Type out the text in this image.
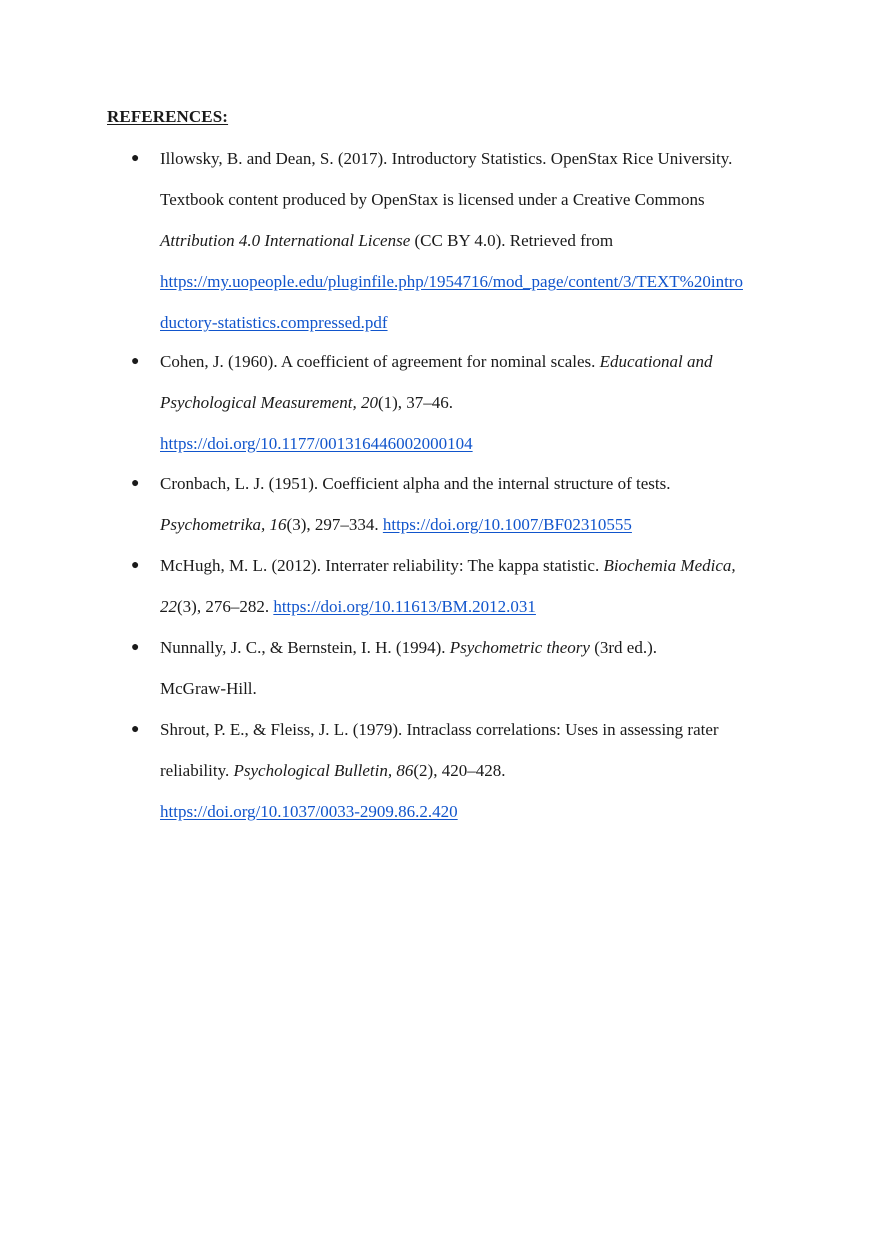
REFERENCES:
● Illowsky, B. and Dean, S. (2017). Introductory Statistics. OpenStax Rice University.
Textbook content produced by OpenStax is licensed under a Creative Commons
Attribution 4.0 International License (CC BY 4.0). Retrieved from
https://my.uopeople.edu/pluginfile.php/1954716/mod_page/content/3/TEXT%20intro
ductory-statistics.compressed.pdf
● Cohen, J. (1960). A coefficient of agreement for nominal scales. Educational and
Psychological Measurement, 20(1), 37–46.
https://doi.org/10.1177/001316446002000104
● Cronbach, L. J. (1951). Coefficient alpha and the internal structure of tests.
Psychometrika, 16(3), 297–334. https://doi.org/10.1007/BF02310555
● McHugh, M. L. (2012). Interrater reliability: The kappa statistic. Biochemia Medica,
22(3), 276–282. https://doi.org/10.11613/BM.2012.031
● Nunnally, J. C., & Bernstein, I. H. (1994). Psychometric theory (3rd ed.).
McGraw-Hill.
● Shrout, P. E., & Fleiss, J. L. (1979). Intraclass correlations: Uses in assessing rater
reliability. Psychological Bulletin, 86(2), 420–428.
https://doi.org/10.1037/0033-2909.86.2.420
